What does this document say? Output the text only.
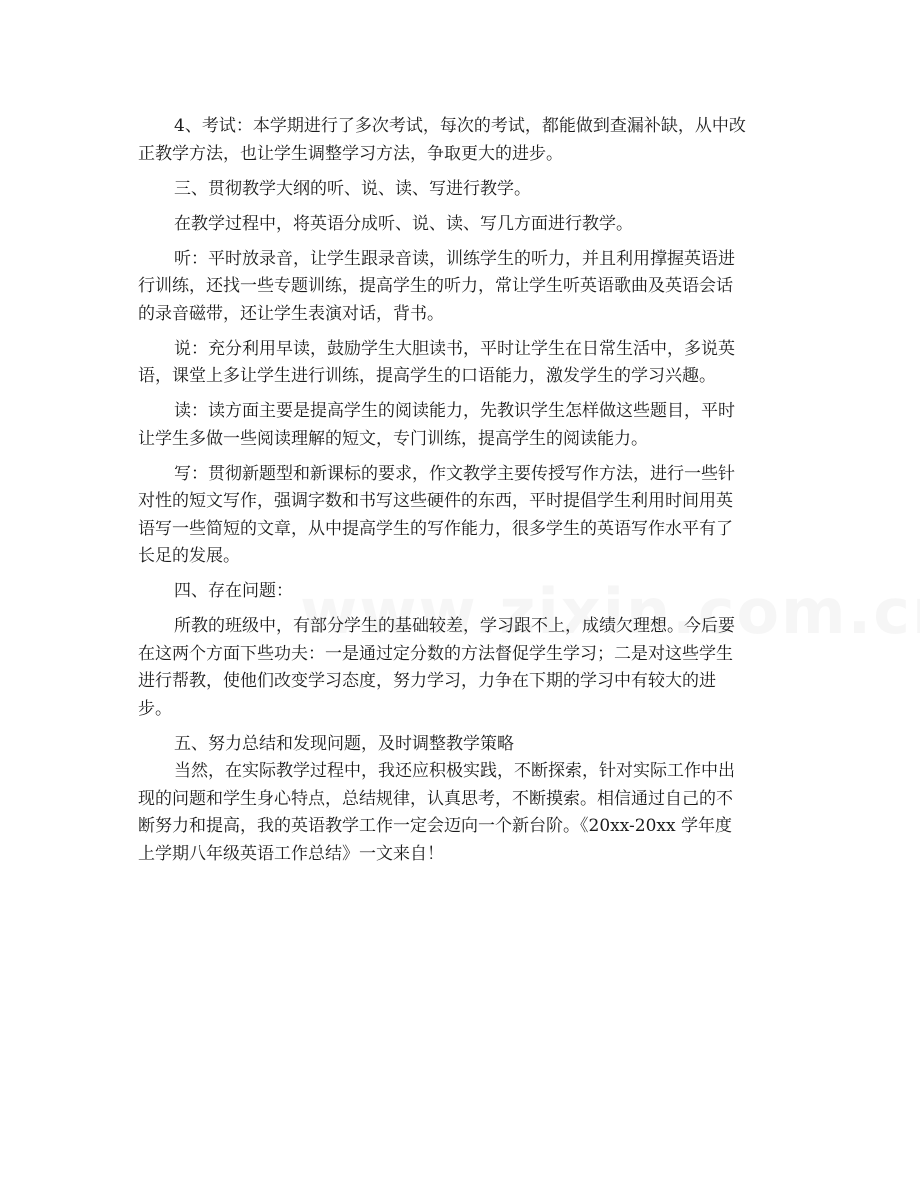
4、考试：本学期进行了多次考试，每次的考试，都能做到查漏补缺，从中改

正教学方法，也让学生调整学习方法，争取更大的进步。

三、贯彻教学大纲的听、说、读、写进行教学。

在教学过程中，将英语分成听、说、读、写几方面进行教学。

听：平时放录音，让学生跟录音读，训练学生的听力，并且利用撑握英语进

行训练，还找一些专题训练，提高学生的听力，常让学生听英语歌曲及英语会话

的录音磁带，还让学生表演对话，背书。

说：充分利用早读，鼓励学生大胆读书，平时让学生在日常生活中，多说英

语，课堂上多让学生进行训练，提高学生的口语能力，激发学生的学习兴趣。

读：读方面主要是提高学生的阅读能力，先教识学生怎样做这些题目，平时

让学生多做一些阅读理解的短文，专门训练，提高学生的阅读能力。

写：贯彻新题型和新课标的要求，作文教学主要传授写作方法，进行一些针

对性的短文写作，强调字数和书写这些硬件的东西，平时提倡学生利用时间用英

语写一些简短的文章，从中提高学生的写作能力，很多学生的英语写作水平有了

长足的发展。

四、存在问题：

所教的班级中，有部分学生的基础较差，学习跟不上，成绩欠理想。今后要

在这两个方面下些功夫：一是通过定分数的方法督促学生学习；二是对这些学生

进行帮教，使他们改变学习态度，努力学习，力争在下期的学习中有较大的进

步。

五、努力总结和发现问题，及时调整教学策略

当然，在实际教学过程中，我还应积极实践，不断探索，针对实际工作中出

现的问题和学生身心特点，总结规律，认真思考，不断摸索。相信通过自己的不

断努力和提高，我的英语教学工作一定会迈向一个新台阶。《20xx-20xx 学年度

上学期八年级英语工作总结》一文来自！
